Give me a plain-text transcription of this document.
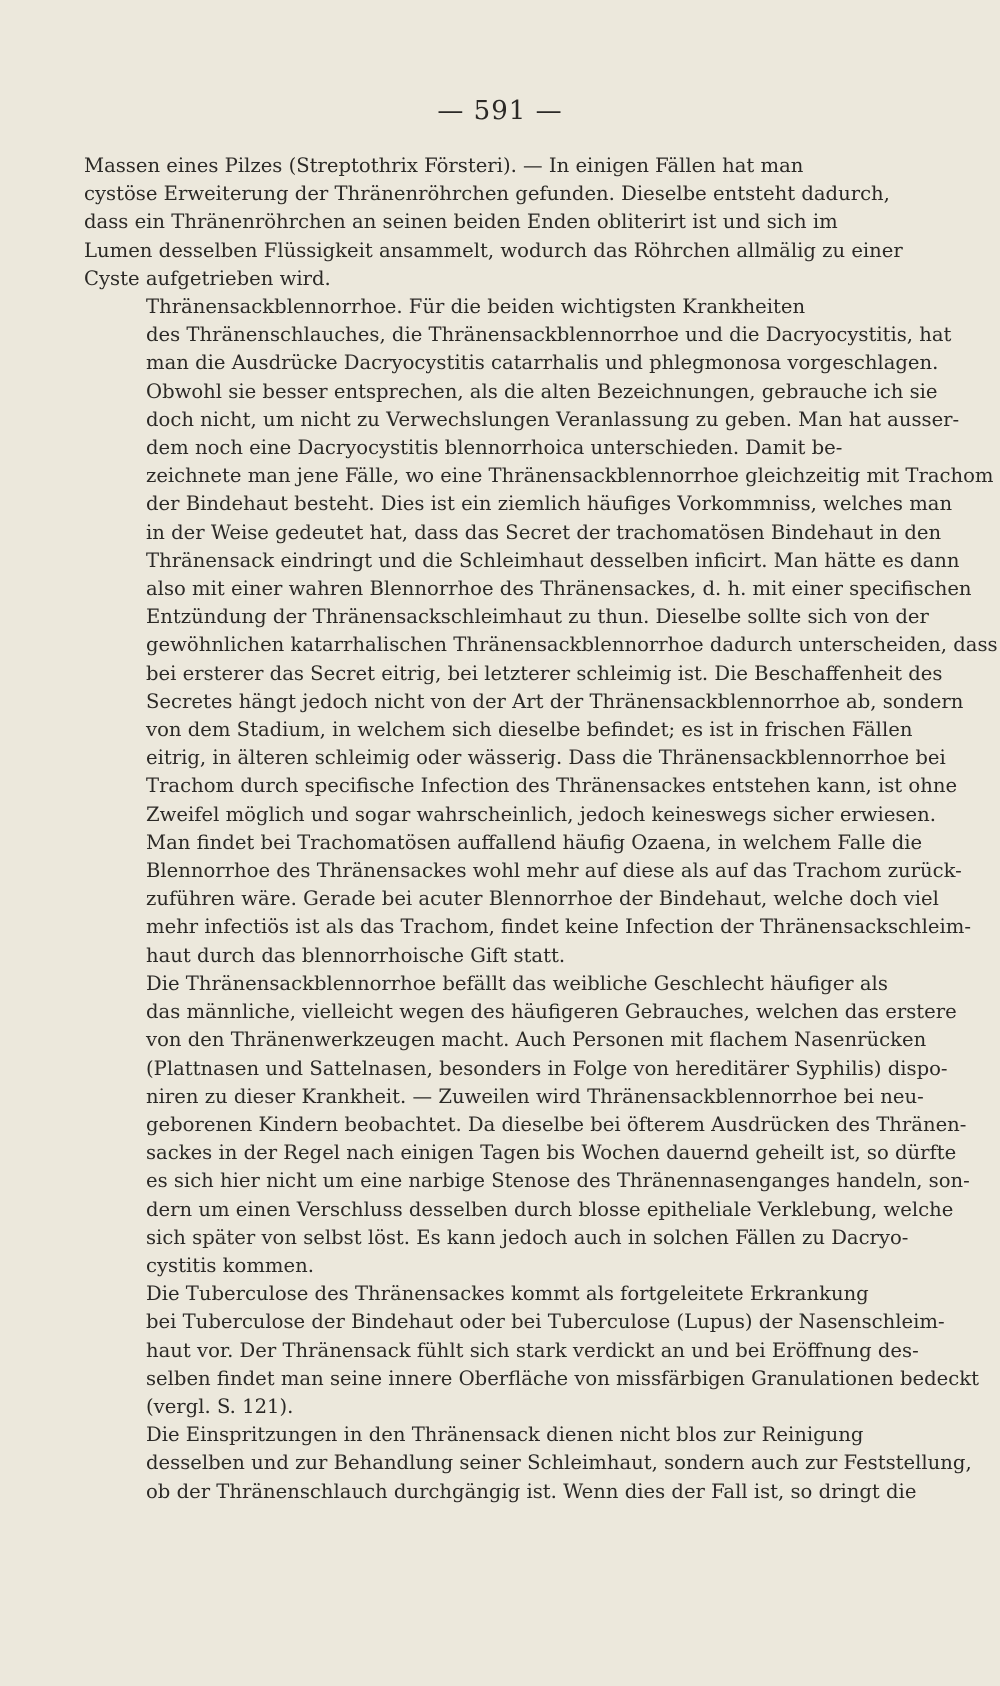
— 591 —

Massen eines Pilzes (Streptothrix Försteri). — In einigen Fällen hat man
cystöse Erweiterung der Thränenröhrchen gefunden. Dieselbe entsteht dadurch,
dass ein Thränenröhrchen an seinen beiden Enden obliterirt ist und sich im
Lumen desselben Flüssigkeit ansammelt, wodurch das Röhrchen allmälig zu einer
Cyste aufgetrieben wird.

Thränensackblennorrhoe. Für die beiden wichtigsten Krankheiten
des Thränenschlauches, die Thränensackblennorrhoe und die Dacryocystitis, hat
man die Ausdrücke Dacryocystitis catarrhalis und phlegmonosa vorgeschlagen.
Obwohl sie besser entsprechen, als die alten Bezeichnungen, gebrauche ich sie
doch nicht, um nicht zu Verwechslungen Veranlassung zu geben. Man hat ausser-
dem noch eine Dacryocystitis blennorrhoica unterschieden. Damit be-
zeichnete man jene Fälle, wo eine Thränensackblennorrhoe gleichzeitig mit Trachom
der Bindehaut besteht. Dies ist ein ziemlich häufiges Vorkommniss, welches man
in der Weise gedeutet hat, dass das Secret der trachomatösen Bindehaut in den
Thränensack eindringt und die Schleimhaut desselben inficirt. Man hätte es dann
also mit einer wahren Blennorrhoe des Thränensackes, d. h. mit einer specifischen
Entzündung der Thränensackschleimhaut zu thun. Dieselbe sollte sich von der
gewöhnlichen katarrhalischen Thränensackblennorrhoe dadurch unterscheiden, dass
bei ersterer das Secret eitrig, bei letzterer schleimig ist. Die Beschaffenheit des
Secretes hängt jedoch nicht von der Art der Thränensackblennorrhoe ab, sondern
von dem Stadium, in welchem sich dieselbe befindet; es ist in frischen Fällen
eitrig, in älteren schleimig oder wässerig. Dass die Thränensackblennorrhoe bei
Trachom durch specifische Infection des Thränensackes entstehen kann, ist ohne
Zweifel möglich und sogar wahrscheinlich, jedoch keineswegs sicher erwiesen.
Man findet bei Trachomatösen auffallend häufig Ozaena, in welchem Falle die
Blennorrhoe des Thränensackes wohl mehr auf diese als auf das Trachom zurück-
zuführen wäre. Gerade bei acuter Blennorrhoe der Bindehaut, welche doch viel
mehr infectiös ist als das Trachom, findet keine Infection der Thränensackschleim-
haut durch das blennorrhoische Gift statt.

Die Thränensackblennorrhoe befällt das weibliche Geschlecht häufiger als
das männliche, vielleicht wegen des häufigeren Gebrauches, welchen das erstere
von den Thränenwerkzeugen macht. Auch Personen mit flachem Nasenrücken
(Plattnasen und Sattelnasen, besonders in Folge von hereditärer Syphilis) dispo-
niren zu dieser Krankheit. — Zuweilen wird Thränensackblennorrhoe bei neu-
geborenen Kindern beobachtet. Da dieselbe bei öfterem Ausdrücken des Thränen-
sackes in der Regel nach einigen Tagen bis Wochen dauernd geheilt ist, so dürfte
es sich hier nicht um eine narbige Stenose des Thränennasenganges handeln, son-
dern um einen Verschluss desselben durch blosse epitheliale Verklebung, welche
sich später von selbst löst. Es kann jedoch auch in solchen Fällen zu Dacryo-
cystitis kommen.

Die Tuberculose des Thränensackes kommt als fortgeleitete Erkrankung
bei Tuberculose der Bindehaut oder bei Tuberculose (Lupus) der Nasenschleim-
haut vor. Der Thränensack fühlt sich stark verdickt an und bei Eröffnung des-
selben findet man seine innere Oberfläche von missfärbigen Granulationen bedeckt
(vergl. S. 121).

Die Einspritzungen in den Thränensack dienen nicht blos zur Reinigung
desselben und zur Behandlung seiner Schleimhaut, sondern auch zur Feststellung,
ob der Thränenschlauch durchgängig ist. Wenn dies der Fall ist, so dringt die
